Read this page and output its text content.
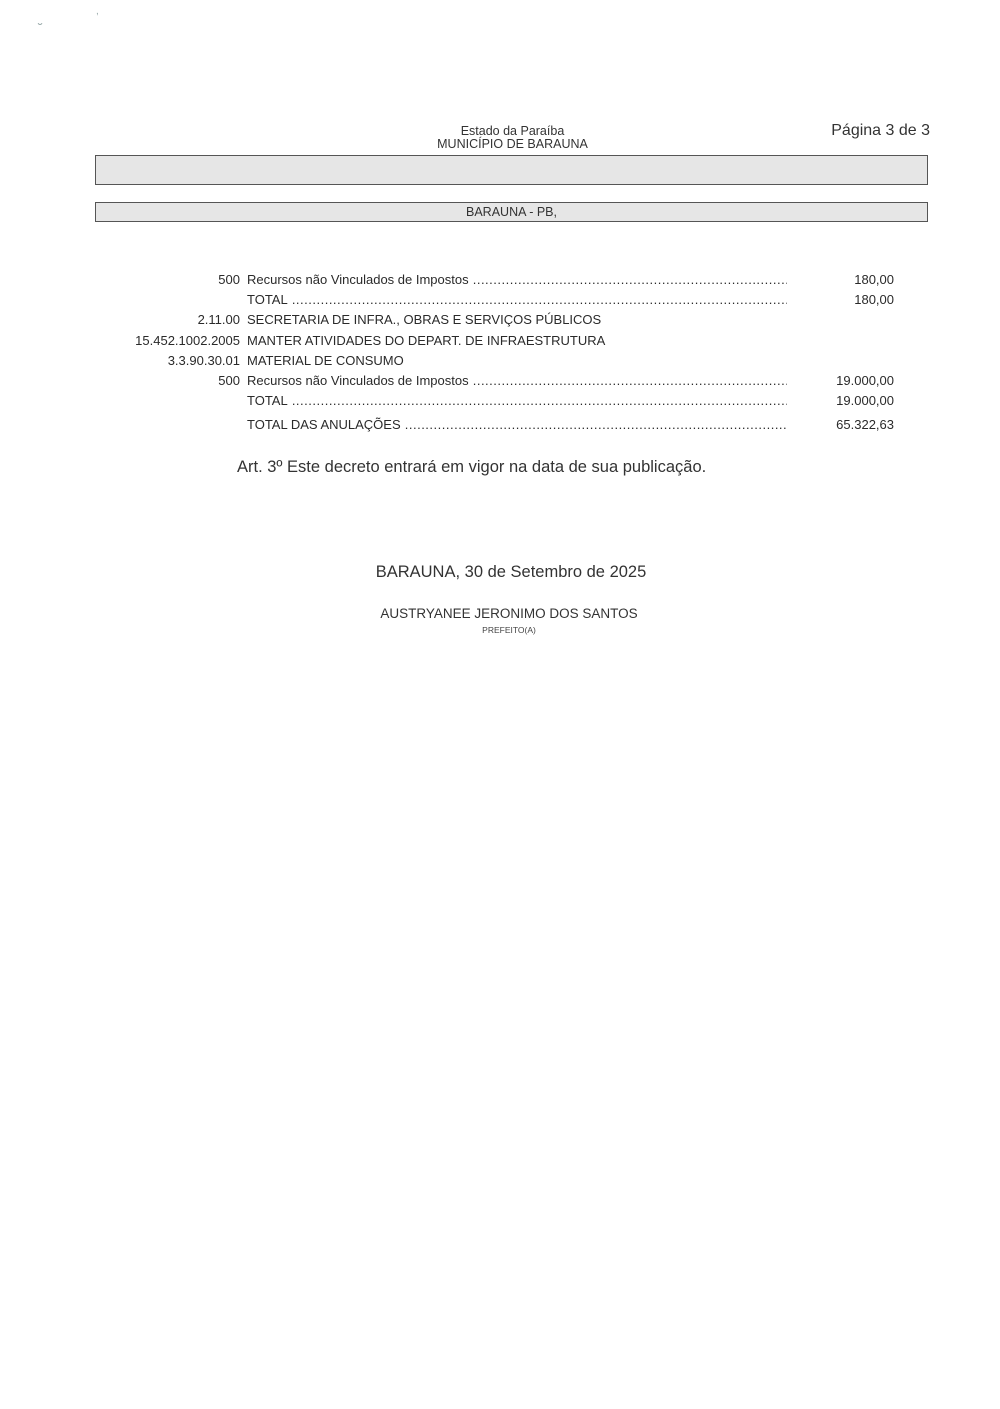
˘
,
Estado da Paraíba
MUNICÍPIO DE BARAUNA
Página 3 de 3
BARAUNA - PB,
500 Recursos não Vinculados de Impostos .....	180,00
TOTAL .....	180,00
2.11.00 SECRETARIA DE INFRA., OBRAS E SERVIÇOS PÚBLICOS
15.452.1002.2005 MANTER ATIVIDADES DO DEPART. DE INFRAESTRUTURA
3.3.90.30.01 MATERIAL DE CONSUMO
500 Recursos não Vinculados de Impostos .....	19.000,00
TOTAL .....	19.000,00
TOTAL DAS ANULAÇÕES .....	65.322,63
Art. 3º Este decreto entrará em vigor na data de sua publicação.
BARAUNA, 30 de Setembro de 2025
AUSTRYANEE JERONIMO DOS SANTOS
PREFEITO(A)
